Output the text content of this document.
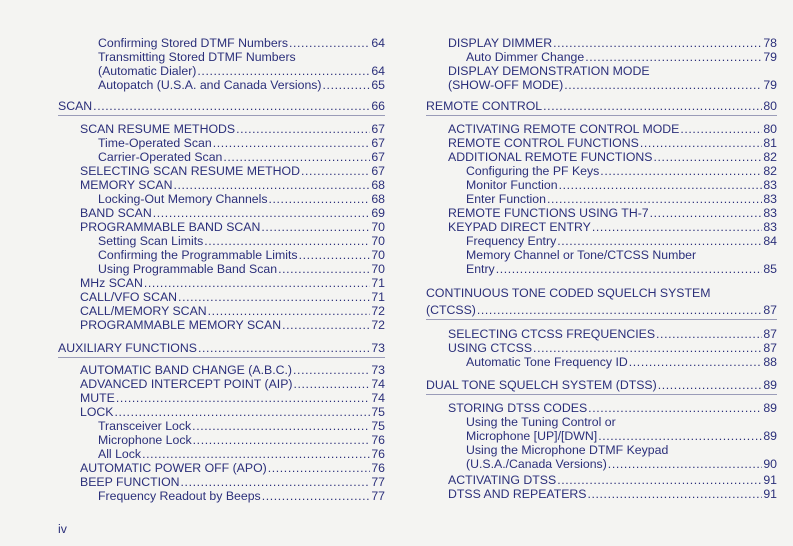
Confirming Stored DTMF Numbers .....	64
Transmitting Stored DTMF Numbers
(Automatic Dialer) .....	64
Autopatch (U.S.A. and Canada Versions) .....	65
SCAN .....	66
SCAN RESUME METHODS .....	67
Time-Operated Scan .....	67
Carrier-Operated Scan .....	67
SELECTING SCAN RESUME METHOD .....	67
MEMORY SCAN .....	68
Locking-Out Memory Channels .....	68
BAND SCAN .....	69
PROGRAMMABLE BAND SCAN .....	70
Setting Scan Limits .....	70
Confirming the Programmable Limits .....	70
Using Programmable Band Scan .....	70
MHz SCAN .....	71
CALL/VFO SCAN .....	71
CALL/MEMORY SCAN .....	72
PROGRAMMABLE MEMORY SCAN .....	72
AUXILIARY FUNCTIONS .....	73
AUTOMATIC BAND CHANGE (A.B.C.) .....	73
ADVANCED INTERCEPT POINT (AIP) .....	74
MUTE .....	74
LOCK .....	75
Transceiver Lock .....	75
Microphone Lock .....	76
All Lock .....	76
AUTOMATIC POWER OFF (APO) .....	76
BEEP FUNCTION .....	77
Frequency Readout by Beeps .....	77
DISPLAY DIMMER .....	78
Auto Dimmer Change .....	79
DISPLAY DEMONSTRATION MODE
(SHOW-OFF MODE) .....	79
REMOTE CONTROL .....	80
ACTIVATING REMOTE CONTROL MODE .....	80
REMOTE CONTROL FUNCTIONS .....	81
ADDITIONAL REMOTE FUNCTIONS .....	82
Configuring the PF Keys .....	82
Monitor Function .....	83
Enter Function .....	83
REMOTE FUNCTIONS USING TH-7 .....	83
KEYPAD DIRECT ENTRY .....	83
Frequency Entry .....	84
Memory Channel or Tone/CTCSS Number
Entry .....	85
CONTINUOUS TONE CODED SQUELCH SYSTEM
(CTCSS) .....	87
SELECTING CTCSS FREQUENCIES .....	87
USING CTCSS .....	87
Automatic Tone Frequency ID .....	88
DUAL TONE SQUELCH SYSTEM (DTSS) .....	89
STORING DTSS CODES .....	89
Using the Tuning Control or
Microphone [UP]/[DWN] .....	89
Using the Microphone DTMF Keypad
(U.S.A./Canada Versions) .....	90
ACTIVATING DTSS .....	91
DTSS AND REPEATERS .....	91
iv
